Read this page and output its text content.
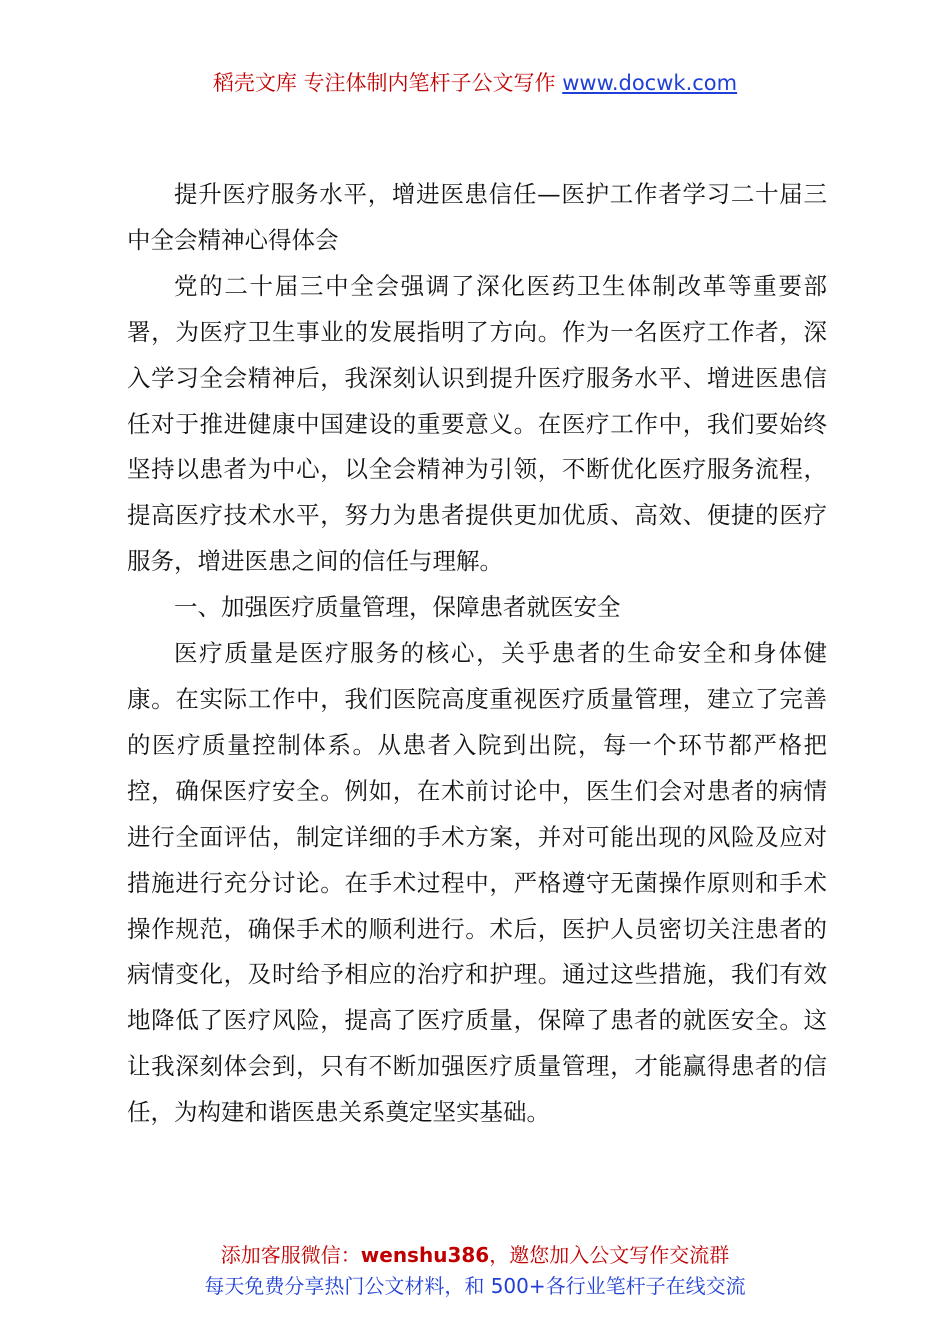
稻壳文库 专注体制内笔杆子公文写作 www.docwk.com

提升医疗服务水平，增进医患信任—医护工作者学习二十届三中全会精神心得体会

党的二十届三中全会强调了深化医药卫生体制改革等重要部署，为医疗卫生事业的发展指明了方向。作为一名医疗工作者，深入学习全会精神后，我深刻认识到提升医疗服务水平、增进医患信任对于推进健康中国建设的重要意义。在医疗工作中，我们要始终坚持以患者为中心，以全会精神为引领，不断优化医疗服务流程，提高医疗技术水平，努力为患者提供更加优质、高效、便捷的医疗服务，增进医患之间的信任与理解。

一、加强医疗质量管理，保障患者就医安全

医疗质量是医疗服务的核心，关乎患者的生命安全和身体健康。在实际工作中，我们医院高度重视医疗质量管理，建立了完善的医疗质量控制体系。从患者入院到出院，每一个环节都严格把控，确保医疗安全。例如，在术前讨论中，医生们会对患者的病情进行全面评估，制定详细的手术方案，并对可能出现的风险及应对措施进行充分讨论。在手术过程中，严格遵守无菌操作原则和手术操作规范，确保手术的顺利进行。术后，医护人员密切关注患者的病情变化，及时给予相应的治疗和护理。通过这些措施，我们有效地降低了医疗风险，提高了医疗质量，保障了患者的就医安全。这让我深刻体会到，只有不断加强医疗质量管理，才能赢得患者的信任，为构建和谐医患关系奠定坚实基础。

添加客服微信：wenshu386，邀您加入公文写作交流群
每天免费分享热门公文材料，和 500+各行业笔杆子在线交流
